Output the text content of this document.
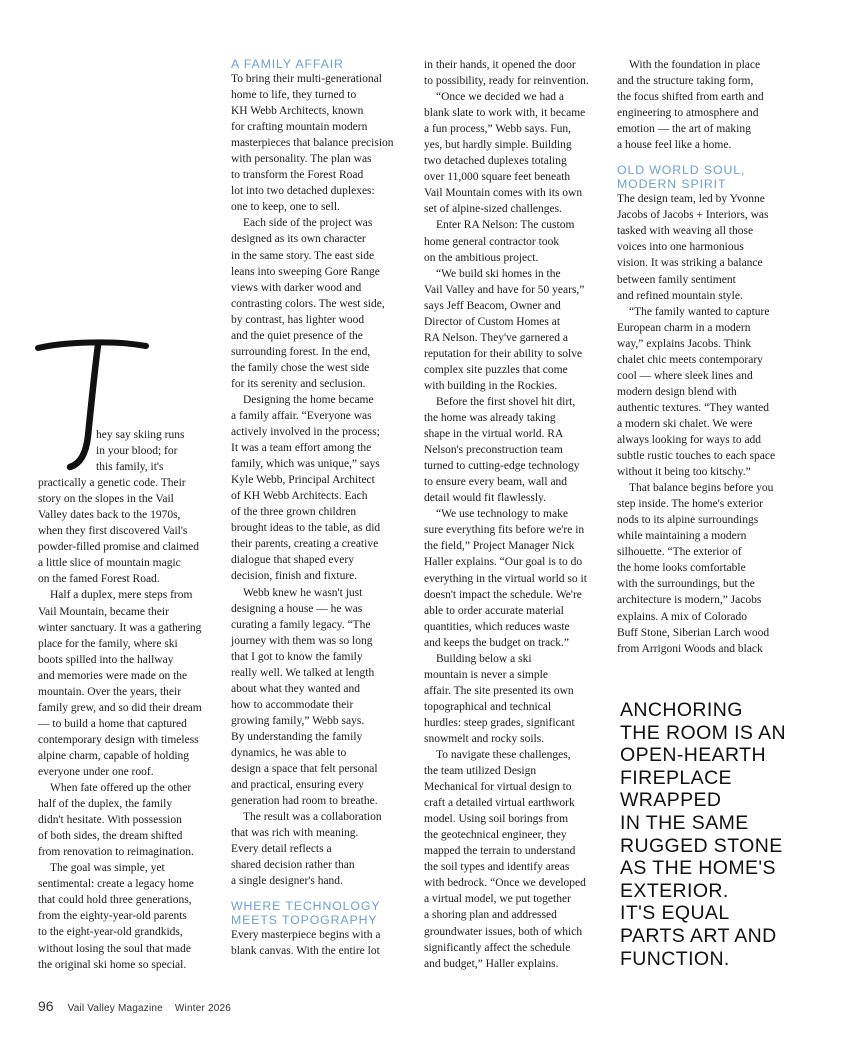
hey say skiing runs
in your blood; for
this family, it's
practically a genetic code. Their
story on the slopes in the Vail
Valley dates back to the 1970s,
when they first discovered Vail's
powder-filled promise and claimed
a little slice of mountain magic
on the famed Forest Road.

Half a duplex, mere steps from
Vail Mountain, became their
winter sanctuary. It was a gathering
place for the family, where ski
boots spilled into the hallway
and memories were made on the
mountain. Over the years, their
family grew, and so did their dream
— to build a home that captured
contemporary design with timeless
alpine charm, capable of holding
everyone under one roof.

When fate offered up the other
half of the duplex, the family
didn't hesitate. With possession
of both sides, the dream shifted
from renovation to reimagination.

The goal was simple, yet
sentimental: create a legacy home
that could hold three generations,
from the eighty-year-old parents
to the eight-year-old grandkids,
without losing the soul that made
the original ski home so special.

A FAMILY AFFAIR

To bring their multi-generational
home to life, they turned to
KH Webb Architects, known
for crafting mountain modern
masterpieces that balance precision
with personality. The plan was
to transform the Forest Road
lot into two detached duplexes:
one to keep, one to sell.

Each side of the project was
designed as its own character
in the same story. The east side
leans into sweeping Gore Range
views with darker wood and
contrasting colors. The west side,
by contrast, has lighter wood
and the quiet presence of the
surrounding forest. In the end,
the family chose the west side
for its serenity and seclusion.

Designing the home became
a family affair. “Everyone was
actively involved in the process;
It was a team effort among the
family, which was unique,” says
Kyle Webb, Principal Architect
of KH Webb Architects. Each
of the three grown children
brought ideas to the table, as did
their parents, creating a creative
dialogue that shaped every
decision, finish and fixture.

Webb knew he wasn't just
designing a house — he was
curating a family legacy. “The
journey with them was so long
that I got to know the family
really well. We talked at length
about what they wanted and
how to accommodate their
growing family,” Webb says.
By understanding the family
dynamics, he was able to
design a space that felt personal
and practical, ensuring every
generation had room to breathe.

The result was a collaboration
that was rich with meaning.
Every detail reflects a
shared decision rather than
a single designer's hand.

WHERE TECHNOLOGY
MEETS TOPOGRAPHY

Every masterpiece begins with a
blank canvas. With the entire lot

in their hands, it opened the door
to possibility, ready for reinvention.

“Once we decided we had a
blank slate to work with, it became
a fun process,” Webb says. Fun,
yes, but hardly simple. Building
two detached duplexes totaling
over 11,000 square feet beneath
Vail Mountain comes with its own
set of alpine-sized challenges.

Enter RA Nelson: The custom
home general contractor took
on the ambitious project.

“We build ski homes in the
Vail Valley and have for 50 years,”
says Jeff Beacom, Owner and
Director of Custom Homes at
RA Nelson. They've garnered a
reputation for their ability to solve
complex site puzzles that come
with building in the Rockies.

Before the first shovel hit dirt,
the home was already taking
shape in the virtual world. RA
Nelson's preconstruction team
turned to cutting-edge technology
to ensure every beam, wall and
detail would fit flawlessly.

“We use technology to make
sure everything fits before we're in
the field,” Project Manager Nick
Haller explains. “Our goal is to do
everything in the virtual world so it
doesn't impact the schedule. We're
able to order accurate material
quantities, which reduces waste
and keeps the budget on track.”

Building below a ski
mountain is never a simple
affair. The site presented its own
topographical and technical
hurdles: steep grades, significant
snowmelt and rocky soils.

To navigate these challenges,
the team utilized Design
Mechanical for virtual design to
craft a detailed virtual earthwork
model. Using soil borings from
the geotechnical engineer, they
mapped the terrain to understand
the soil types and identify areas
with bedrock. “Once we developed
a virtual model, we put together
a shoring plan and addressed
groundwater issues, both of which
significantly affect the schedule
and budget,” Haller explains.

With the foundation in place
and the structure taking form,
the focus shifted from earth and
engineering to atmosphere and
emotion — the art of making
a house feel like a home.

OLD WORLD SOUL,
MODERN SPIRIT

The design team, led by Yvonne
Jacobs of Jacobs + Interiors, was
tasked with weaving all those
voices into one harmonious
vision. It was striking a balance
between family sentiment
and refined mountain style.

“The family wanted to capture
European charm in a modern
way,” explains Jacobs. Think
chalet chic meets contemporary
cool — where sleek lines and
modern design blend with
authentic textures. “They wanted
a modern ski chalet. We were
always looking for ways to add
subtle rustic touches to each space
without it being too kitschy.”

That balance begins before you
step inside. The home's exterior
nods to its alpine surroundings
while maintaining a modern
silhouette. “The exterior of
the home looks comfortable
with the surroundings, but the
architecture is modern,” Jacobs
explains. A mix of Colorado
Buff Stone, Siberian Larch wood
from Arrigoni Woods and black

ANCHORING
THE ROOM IS AN
OPEN-HEARTH
FIREPLACE
WRAPPED
IN THE SAME
RUGGED STONE
AS THE HOME'S
EXTERIOR.
IT'S EQUAL
PARTS ART AND
FUNCTION.
96 Vail Valley Magazine Winter 2026
